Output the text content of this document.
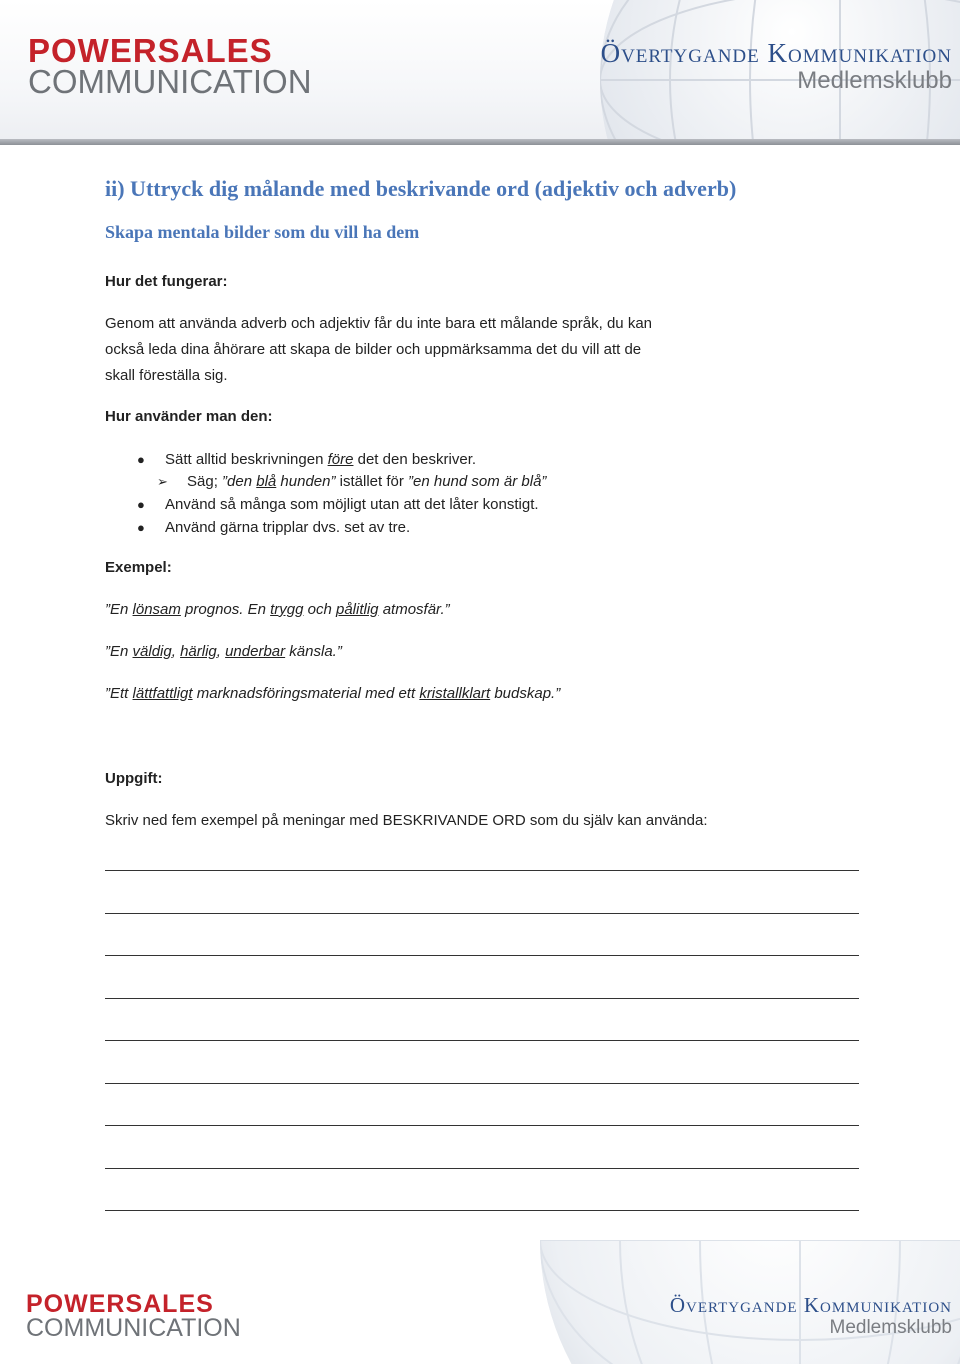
POWERSALES
COMMUNICATION
Övertygande Kommunikation
Medlemsklubb
ii) Uttryck dig målande med beskrivande ord (adjektiv och adverb)
Skapa mentala bilder som du vill ha dem
Hur det fungerar:
Genom att använda adverb och adjektiv får du inte bara ett målande språk, du kan
också leda dina åhörare att skapa de bilder och uppmärksamma det du vill att de
skall föreställa sig.
Hur använder man den:
● Sätt alltid beskrivningen före det den beskriver.
➢ Säg; ”den blå hunden” istället för ”en hund som är blå”
● Använd så många som möjligt utan att det låter konstigt.
● Använd gärna tripplar dvs. set av tre.
Exempel:
”En lönsam prognos. En trygg och pålitlig atmosfär.”
”En väldig, härlig, underbar känsla.”
”Ett lättfattligt marknadsföringsmaterial med ett kristallklart budskap.”
Uppgift:
Skriv ned fem exempel på meningar med BESKRIVANDE ORD som du själv kan använda:
POWERSALES
COMMUNICATION
Övertygande Kommunikation
Medlemsklubb
